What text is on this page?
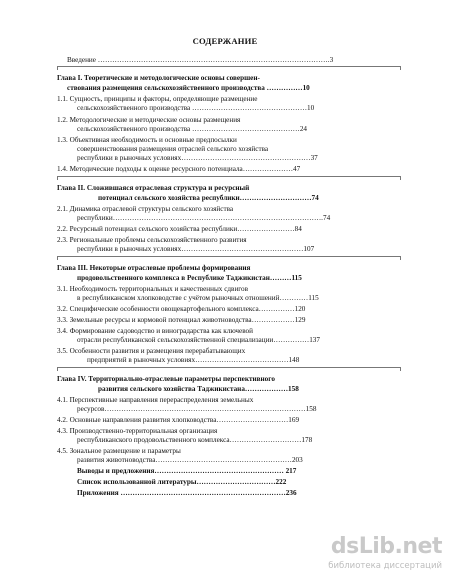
СОДЕРЖАНИЕ
Введение …………………………………………………………………………………….3
Глава I. Теоретические и методологические основы совершен-
ствования размещения сельскохозяйственного производства ……………10
1.1. Сущность, принципы и факторы, определяющие размещение
сельскохозяйственного производства …………………………………………10
1.2. Методологические и методические основы размещения
сельскохозяйственного производства ………………………………………24
1.3. Объективная необходимость и основные предпосылки
совершенствования размещения отраслей сельского хозяйства
республики в рыночных условиях………………………………………………37
1.4. Методические подходы к оценке ресурсного потенциала…………………47
Глава II. Сложившаяся отраслевая структура и ресурсный
потенциал сельского хозяйства республики…………………………74
2.1. Динамика отраслевой структуры сельского хозяйства
республики…………………………………………………………………………….74
2.2. Ресурсный потенциал сельского хозяйства республики……………………84
2.3. Региональные проблемы сельскохозяйственного развития
республики в рыночных условиях……………………………………………107
Глава III. Некоторые отраслевые проблемы формирования
продовольственного комплекса в Республике Таджикистан………115
3.1. Необходимость территориальных и качественных сдвигов
в республиканском хлопководстве с учётом рыночных отношений…………115
3.2. Специфические особенности овощекартофельного комплекса……………120
3.3. Земельные ресурсы и кормовой потенциал животноводства………………129
3.4. Формирование садоводство и виноградарства как ключевой
отрасли республиканской сельскохозяйственной специализации……………137
3.5. Особенности развития и размещения перерабатывающих
предприятий в рыночных условиях…………………………………148
Глава IV. Территориально-отраслевые параметры перспективного
развития сельского хозяйства Таджикистана………………158
4.1. Перспективные направления перераспределения земельных
ресурсов…………………………………………………………………………158
4.2. Основные направления развития хлопководства…………………………169
4.3. Производственно-территориальная организация
республиканского продовольственного комплекса…………………………178
4.5. Зональное размещение и параметры
развития животноводства…………………………………………………203
Выводы и предложения……………………………………………… 217
Список использованной литературы……………………………222
Приложения ……………………………………………………………236
dsLib.net
библиотека диссертаций
